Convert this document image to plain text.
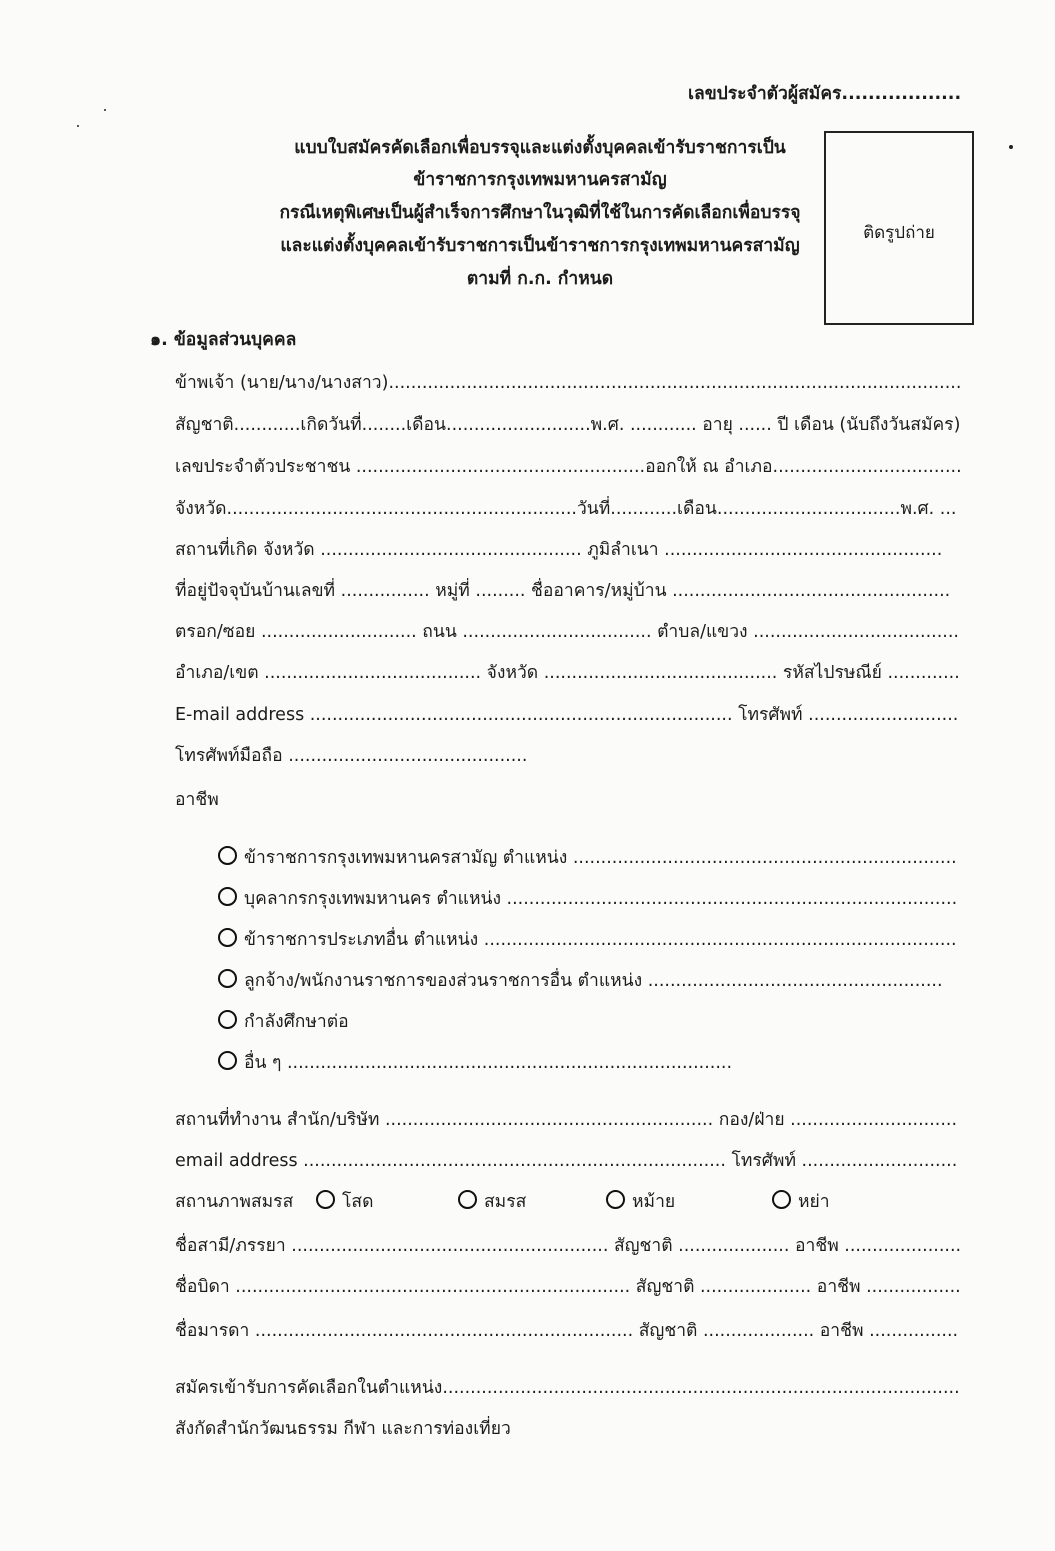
เลขประจำตัวผู้สมัคร..................
แบบใบสมัครคัดเลือกเพื่อบรรจุและแต่งตั้งบุคคลเข้ารับราชการเป็น
ข้าราชการกรุงเทพมหานครสามัญ
กรณีเหตุพิเศษเป็นผู้สำเร็จการศึกษาในวุฒิที่ใช้ในการคัดเลือกเพื่อบรรจุ
และแต่งตั้งบุคคลเข้ารับราชการเป็นข้าราชการกรุงเทพมหานครสามัญ
ตามที่ ก.ก. กำหนด
ติดรูปถ่าย
๑. ข้อมูลส่วนบุคคล
ข้าพเจ้า (นาย/นาง/นางสาว).......................................................................................................
สัญชาติ............เกิดวันที่........เดือน..........................พ.ศ. ............ อายุ ...... ปี เดือน (นับถึงวันสมัคร)
เลขประจำตัวประชาชน ....................................................ออกให้ ณ อำเภอ..................................
จังหวัด...............................................................วันที่............เดือน.................................พ.ศ. ...
สถานที่เกิด จังหวัด ............................................... ภูมิลำเนา ..................................................
ที่อยู่ปัจจุบันบ้านเลขที่ ................ หมู่ที่ ......... ชื่ออาคาร/หมู่บ้าน ..................................................
ตรอก/ซอย ............................ ถนน .................................. ตำบล/แขวง .....................................
อำเภอ/เขต ....................................... จังหวัด .......................................... รหัสไปรษณีย์ .............
E-mail address ............................................................................ โทรศัพท์ ...........................
โทรศัพท์มือถือ ...........................................
อาชีพ
ข้าราชการกรุงเทพมหานครสามัญ ตำแหน่ง .....................................................................
บุคลากรกรุงเทพมหานคร ตำแหน่ง .................................................................................
ข้าราชการประเภทอื่น ตำแหน่ง .....................................................................................
ลูกจ้าง/พนักงานราชการของส่วนราชการอื่น ตำแหน่ง .....................................................
กำลังศึกษาต่อ
อื่น ๆ ................................................................................
สถานที่ทำงาน สำนัก/บริษัท ........................................................... กอง/ฝ่าย ..............................
email address ............................................................................ โทรศัพท์ ............................
สถานภาพสมรส	โสด	สมรส	หม้าย	หย่า
ชื่อสามี/ภรรยา ......................................................... สัญชาติ .................... อาชีพ .....................
ชื่อบิดา ....................................................................... สัญชาติ .................... อาชีพ .................
ชื่อมารดา .................................................................... สัญชาติ .................... อาชีพ ................
สมัครเข้ารับการคัดเลือกในตำแหน่ง.............................................................................................
สังกัดสำนักวัฒนธรรม กีฬา และการท่องเที่ยว
